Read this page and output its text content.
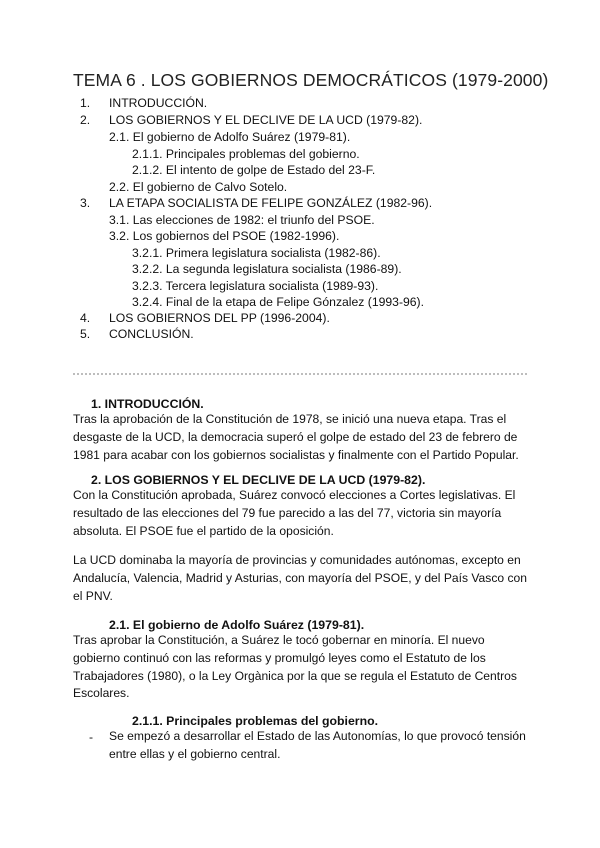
TEMA 6 . LOS GOBIERNOS DEMOCRÁTICOS (1979-2000)
1. INTRODUCCIÓN.
2. LOS GOBIERNOS Y EL DECLIVE DE LA UCD (1979-82).
2.1. El gobierno de Adolfo Suárez (1979-81).
2.1.1. Principales problemas del gobierno.
2.1.2. El intento de golpe de Estado del 23-F.
2.2. El gobierno de Calvo Sotelo.
3. LA ETAPA SOCIALISTA DE FELIPE GONZÁLEZ (1982-96).
3.1. Las elecciones de 1982: el triunfo del PSOE.
3.2. Los gobiernos del PSOE (1982-1996).
3.2.1. Primera legislatura socialista (1982-86).
3.2.2. La segunda legislatura socialista (1986-89).
3.2.3. Tercera legislatura socialista (1989-93).
3.2.4. Final de la etapa de Felipe Gónzalez (1993-96).
4. LOS GOBIERNOS DEL PP (1996-2004).
5. CONCLUSIÓN.
1. INTRODUCCIÓN.
Tras la aprobación de la Constitución de 1978, se inició una nueva etapa. Tras el desgaste de la UCD, la democracia superó el golpe de estado del 23 de febrero de 1981 para acabar con los gobiernos socialistas y finalmente con el Partido Popular.
2. LOS GOBIERNOS Y EL DECLIVE DE LA UCD (1979-82).
Con la Constitución aprobada, Suárez convocó elecciones a Cortes legislativas. El resultado de las elecciones del 79 fue parecido a las del 77, victoria sin mayoría absoluta. El PSOE fue el partido de la oposición.
La UCD dominaba la mayoría de provincias y comunidades autónomas, excepto en Andalucía, Valencia, Madrid y Asturias, con mayoría del PSOE, y del País Vasco con el PNV.
2.1. El gobierno de Adolfo Suárez (1979-81).
Tras aprobar la Constitución, a Suárez le tocó gobernar en minoría. El nuevo gobierno continuó con las reformas y promulgó leyes como el Estatuto de los Trabajadores (1980), o la Ley Orgànica por la que se regula el Estatuto de Centros Escolares.
2.1.1. Principales problemas del gobierno.
- Se empezó a desarrollar el Estado de las Autonomías, lo que provocó tensión entre ellas y el gobierno central.
